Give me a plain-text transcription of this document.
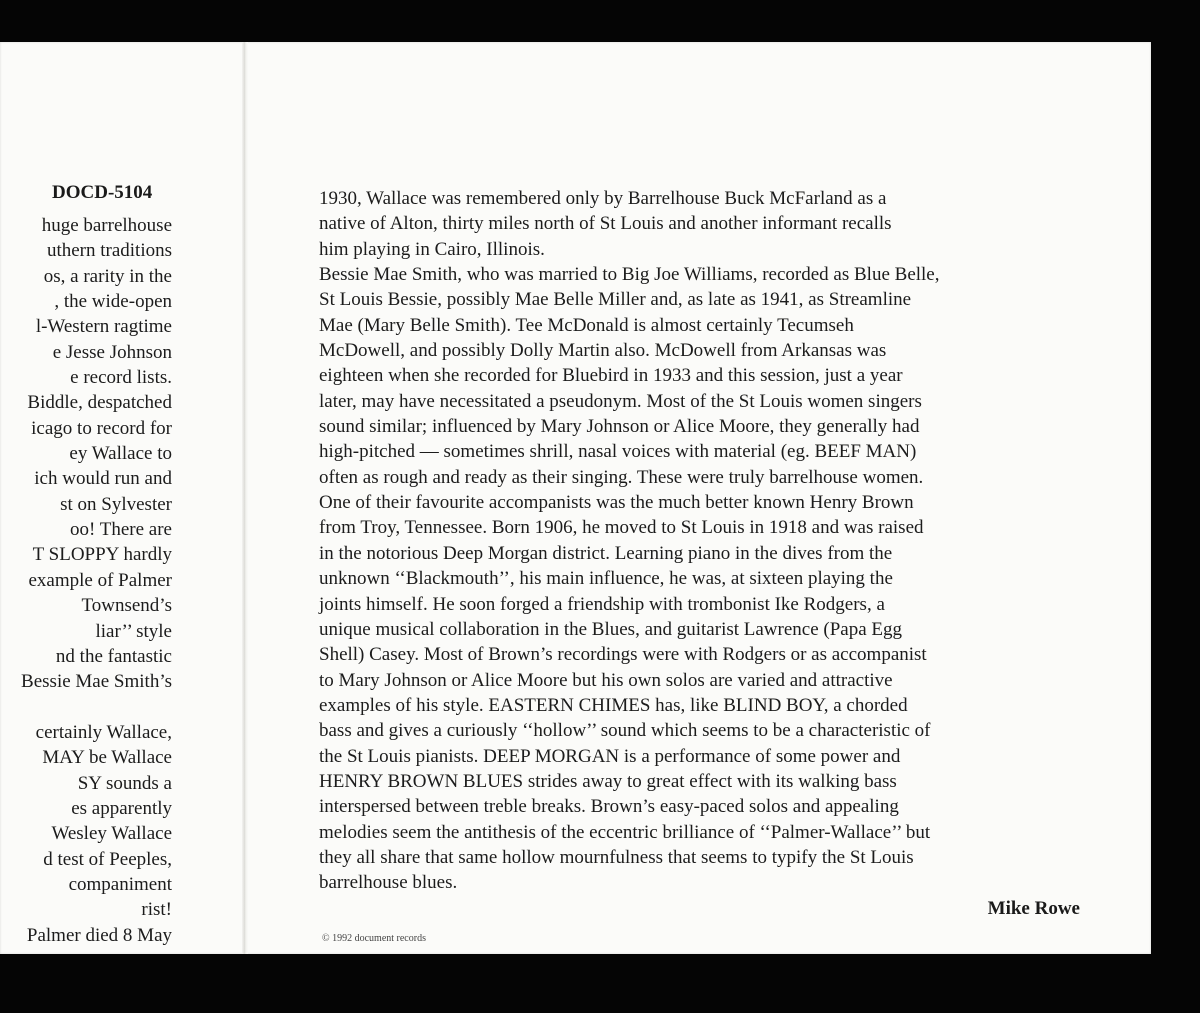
DOCD-5104
huge barrelhouse
uthern traditions
os, a rarity in the
, the wide-open
l-Western ragtime
e Jesse Johnson
e record lists.
Biddle, despatched
icago to record for
ey Wallace to
ich would run and
st on Sylvester
oo! There are
T SLOPPY hardly
example of Palmer
Townsend’s
liar’’ style
nd the fantastic
Bessie Mae Smith’s
certainly Wallace,
MAY be Wallace
SY sounds a
es apparently
Wesley Wallace
d test of Peeples,
companiment
rist!
Palmer died 8 May
1930, Wallace was remembered only by Barrelhouse Buck McFarland as a
native of Alton, thirty miles north of St Louis and another informant recalls
him playing in Cairo, Illinois.
Bessie Mae Smith, who was married to Big Joe Williams, recorded as Blue Belle,
St Louis Bessie, possibly Mae Belle Miller and, as late as 1941, as Streamline
Mae (Mary Belle Smith). Tee McDonald is almost certainly Tecumseh
McDowell, and possibly Dolly Martin also. McDowell from Arkansas was
eighteen when she recorded for Bluebird in 1933 and this session, just a year
later, may have necessitated a pseudonym. Most of the St Louis women singers
sound similar; influenced by Mary Johnson or Alice Moore, they generally had
high-pitched — sometimes shrill, nasal voices with material (eg. BEEF MAN)
often as rough and ready as their singing. These were truly barrelhouse women.
One of their favourite accompanists was the much better known Henry Brown
from Troy, Tennessee. Born 1906, he moved to St Louis in 1918 and was raised
in the notorious Deep Morgan district. Learning piano in the dives from the
unknown ‘‘Blackmouth’’, his main influence, he was, at sixteen playing the
joints himself. He soon forged a friendship with trombonist Ike Rodgers, a
unique musical collaboration in the Blues, and guitarist Lawrence (Papa Egg
Shell) Casey. Most of Brown’s recordings were with Rodgers or as accompanist
to Mary Johnson or Alice Moore but his own solos are varied and attractive
examples of his style. EASTERN CHIMES has, like BLIND BOY, a chorded
bass and gives a curiously ‘‘hollow’’ sound which seems to be a characteristic of
the St Louis pianists. DEEP MORGAN is a performance of some power and
HENRY BROWN BLUES strides away to great effect with its walking bass
interspersed between treble breaks. Brown’s easy-paced solos and appealing
melodies seem the antithesis of the eccentric brilliance of ‘‘Palmer-Wallace’’ but
they all share that same hollow mournfulness that seems to typify the St Louis
barrelhouse blues.
Mike Rowe
© 1992 document records
